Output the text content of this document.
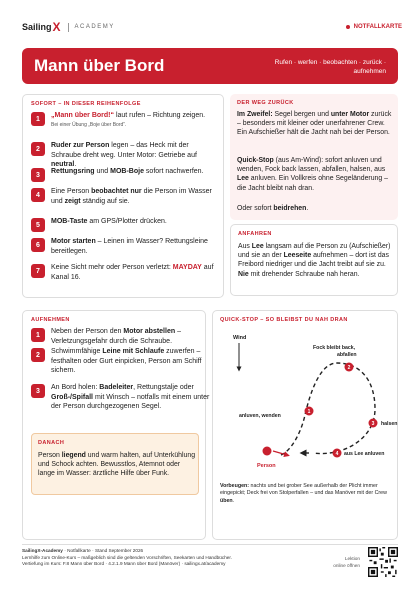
Sailing X ACADEMY	NOTFALLKARTE
Mann über Bord	Rufen · werfen · beobachten · zurück · aufnehmen
SOFORT – IN DIESER REIHENFOLGE
1	„Mann über Bord!“ laut rufen – Richtung zeigen.
Bei einer Übung „Boje über Bord“.
2	Ruder zur Person legen – das Heck mit der Schraube dreht weg. Unter Motor: Getriebe auf neutral.
3	Rettungsring und MOB-Boje sofort nachwerfen.
4	Eine Person beobachtet nur die Person im Wasser und zeigt ständig auf sie.
5	MOB-Taste am GPS/Plotter drücken.
6	Motor starten – Leinen im Wasser? Rettungsleine bereitlegen.
7	Keine Sicht mehr oder Person verletzt: MAYDAY auf Kanal 16.
DER WEG ZURÜCK
Im Zweifel: Segel bergen und unter Motor zurück – besonders mit kleiner oder unerfahrener Crew. Ein Aufschießer hält die Jacht nah bei der Person.
Quick-Stop (aus Am-Wind): sofort anluven und wenden, Fock back lassen, abfallen, halsen, aus Lee anluven. Ein Vollkreis ohne Segeländerung – die Jacht bleibt nah dran.
Oder sofort beidrehen.
ANFAHREN
Aus Lee langsam auf die Person zu (Aufschießer) und sie an der Leeseite aufnehmen – dort ist das Freibord niedriger und die Jacht treibt auf sie zu. Nie mit drehender Schraube nah heran.
AUFNEHMEN
1	Neben der Person den Motor abstellen – Verletzungsgefahr durch die Schraube.
2	Schwimmfähige Leine mit Schlaufe zuwerfen – festhalten oder Gurt einpicken, Person am Schiff sichern.
3	An Bord holen: Badeleiter, Rettungstalje oder Groß-/Spifall mit Winsch – notfalls mit einem unter der Person durchgezogenen Segel.
DANACH
Person liegend und warm halten, auf Unterkühlung und Schock achten. Bewusstlos, Atemnot oder lange im Wasser: ärztliche Hilfe über Funk.
QUICK-STOP – SO BLEIBST DU NAH DRAN
Wind
Person
1
anluven, wenden
2
Fock bleibt back,
abfallen
3 halsen
4 aus Lee anluven
Vorbeugen: nachts und bei grober See außerhalb der Plicht immer eingepickt; Deck frei von Stolperfallen – und das Manöver mit der Crew üben.
SailingX-Academy · Notfallkarte · Stand September 2026
Lernhilfe zum Online-Kurs – maßgeblich sind die geltenden Vorschriften, Seekarten und Handbücher.
Vertiefung im Kurs: F.8 Mann über Bord · 4.2.1.9 Mann über Bord (Manöver) · sailingx.at/academy
Lektion
online öffnen
